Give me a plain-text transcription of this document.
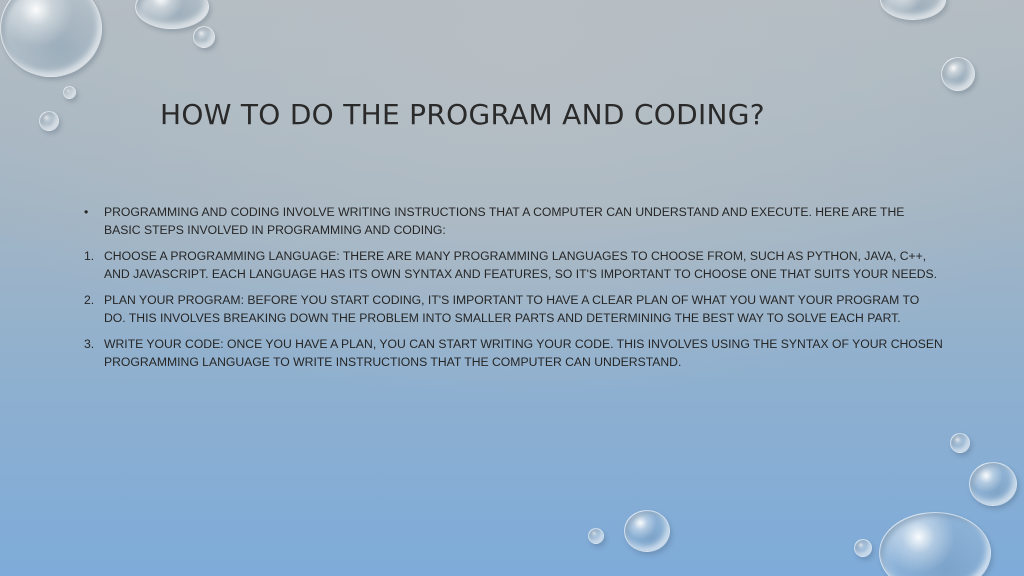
HOW TO DO THE PROGRAM AND CODING?
•	PROGRAMMING AND CODING INVOLVE WRITING INSTRUCTIONS THAT A COMPUTER CAN UNDERSTAND AND EXECUTE. HERE ARE THE BASIC STEPS INVOLVED IN PROGRAMMING AND CODING:
1. CHOOSE A PROGRAMMING LANGUAGE: THERE ARE MANY PROGRAMMING LANGUAGES TO CHOOSE FROM, SUCH AS PYTHON, JAVA, C++, AND JAVASCRIPT. EACH LANGUAGE HAS ITS OWN SYNTAX AND FEATURES, SO IT'S IMPORTANT TO CHOOSE ONE THAT SUITS YOUR NEEDS.
2. PLAN YOUR PROGRAM: BEFORE YOU START CODING, IT'S IMPORTANT TO HAVE A CLEAR PLAN OF WHAT YOU WANT YOUR PROGRAM TO DO. THIS INVOLVES BREAKING DOWN THE PROBLEM INTO SMALLER PARTS AND DETERMINING THE BEST WAY TO SOLVE EACH PART.
3. WRITE YOUR CODE: ONCE YOU HAVE A PLAN, YOU CAN START WRITING YOUR CODE. THIS INVOLVES USING THE SYNTAX OF YOUR CHOSEN PROGRAMMING LANGUAGE TO WRITE INSTRUCTIONS THAT THE COMPUTER CAN UNDERSTAND.
